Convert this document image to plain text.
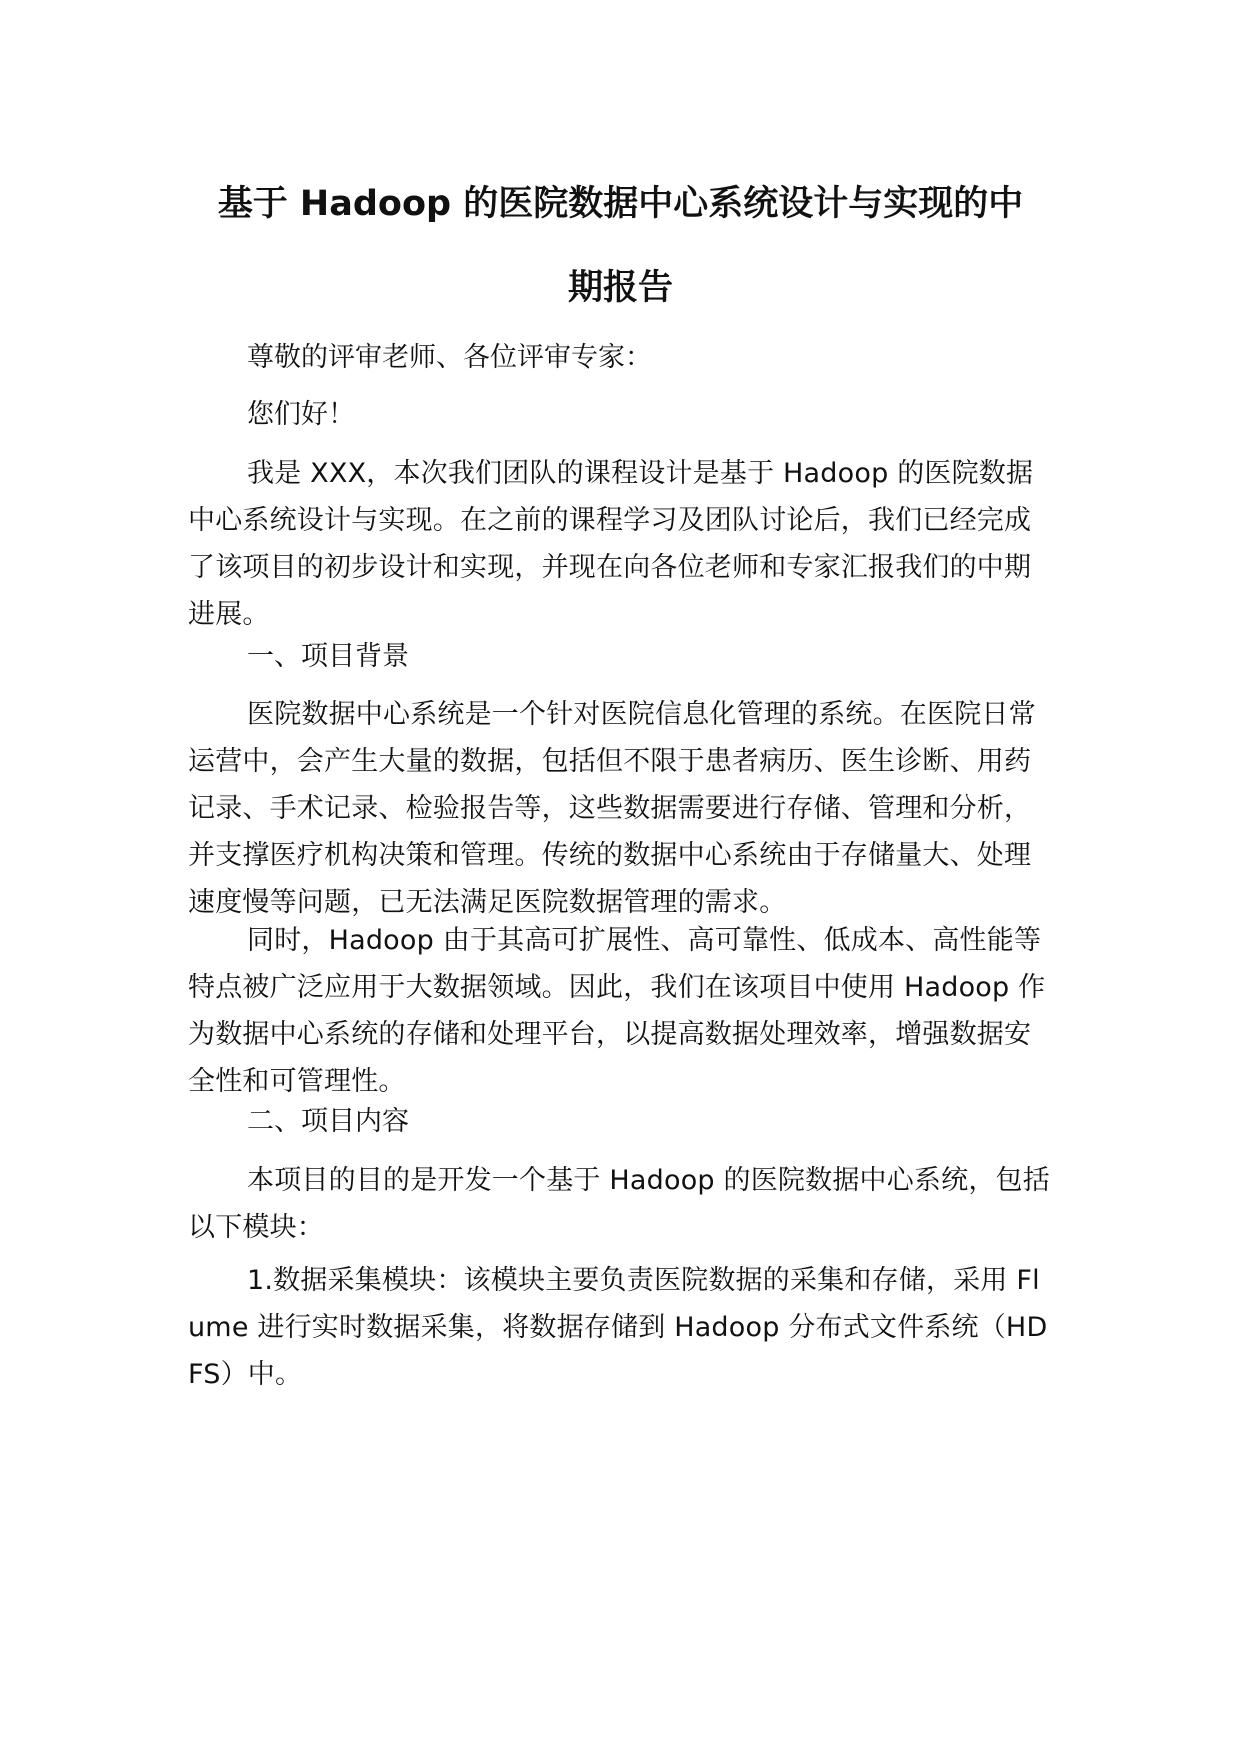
基于 Hadoop 的医院数据中心系统设计与实现的中
期报告

尊敬的评审老师、各位评审专家：

您们好！

我是 XXX，本次我们团队的课程设计是基于 Hadoop 的医院数据中心系统设计与实现。在之前的课程学习及团队讨论后，我们已经完成了该项目的初步设计和实现，并现在向各位老师和专家汇报我们的中期进展。

一、项目背景

医院数据中心系统是一个针对医院信息化管理的系统。在医院日常运营中，会产生大量的数据，包括但不限于患者病历、医生诊断、用药记录、手术记录、检验报告等，这些数据需要进行存储、管理和分析，并支撑医疗机构决策和管理。传统的数据中心系统由于存储量大、处理速度慢等问题，已无法满足医院数据管理的需求。

同时，Hadoop 由于其高可扩展性、高可靠性、低成本、高性能等特点被广泛应用于大数据领域。因此，我们在该项目中使用 Hadoop 作为数据中心系统的存储和处理平台，以提高数据处理效率，增强数据安全性和可管理性。

二、项目内容

本项目的目的是开发一个基于 Hadoop 的医院数据中心系统，包括以下模块：

1.数据采集模块：该模块主要负责医院数据的采集和存储，采用 Flume 进行实时数据采集，将数据存储到 Hadoop 分布式文件系统（HDFS）中。
